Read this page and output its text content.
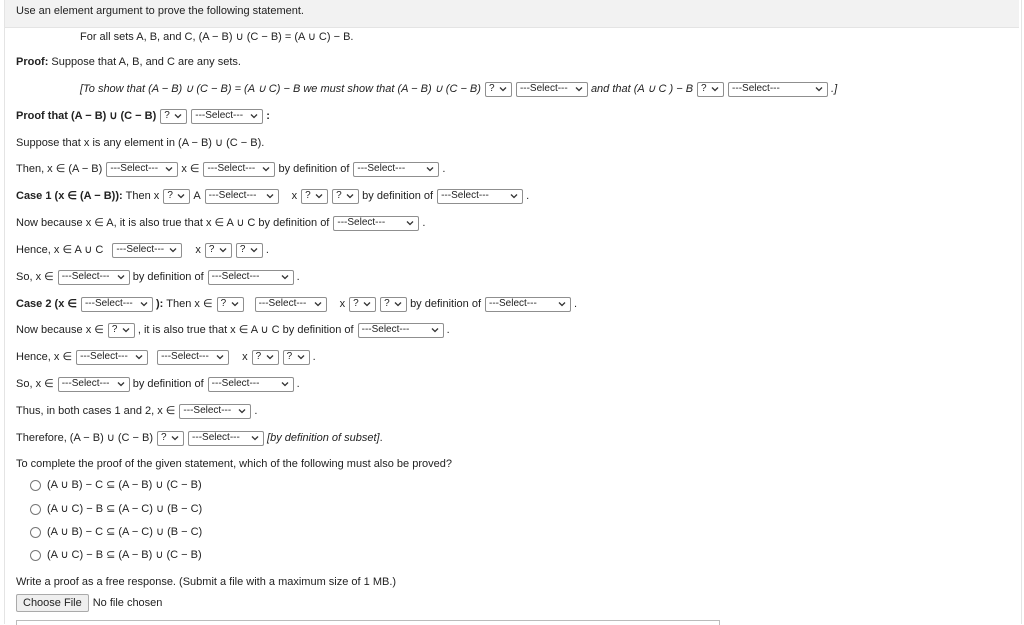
Use an element argument to prove the following statement.
For all sets A, B, and C, (A − B) ∪ (C − B) = (A ∪ C) − B.
Proof: Suppose that A, B, and C are any sets.
[To show that (A − B) ∪ (C − B) = (A ∪ C) − B we must show that (A − B) ∪ (C − B) ?	---Select--- and that (A ∪ C ) − B ?	---Select---	.]
Proof that (A − B) ∪ (C − B) ?	---Select--- :
Suppose that x is any element in (A − B) ∪ (C − B).
Then, x ∈ (A − B) ---Select--- x ∈ ---Select--- by definition of ---Select---	.
Case 1 (x ∈ (A − B)): Then x ? A ---Select---	x ?	? by definition of ---Select---	.
Now because x ∈ A, it is also true that x ∈ A ∪ C by definition of ---Select---	.
Hence, x ∈ A ∪ C	---Select---	x ?	? .
So, x ∈ ---Select--- by definition of ---Select---	.
Case 2 (x ∈ ---Select--- ): Then x ∈ ?	---Select---	x ?	? by definition of ---Select---	.
Now because x ∈ ? , it is also true that x ∈ A ∪ C by definition of ---Select---	.
Hence, x ∈ ---Select---	---Select---	x ?	? .
So, x ∈ ---Select--- by definition of ---Select---	.
Thus, in both cases 1 and 2, x ∈ ---Select--- .
Therefore, (A − B) ∪ (C − B) ?	---Select--- [by definition of subset] .
To complete the proof of the given statement, which of the following must also be proved?
(A ∪ B) − C ⊆ (A − B) ∪ (C − B)
(A ∪ C) − B ⊆ (A − C) ∪ (B − C)
(A ∪ B) − C ⊆ (A − C) ∪ (B − C)
(A ∪ C) − B ⊆ (A − B) ∪ (C − B)
Write a proof as a free response. (Submit a file with a maximum size of 1 MB.)
Choose File	No file chosen
